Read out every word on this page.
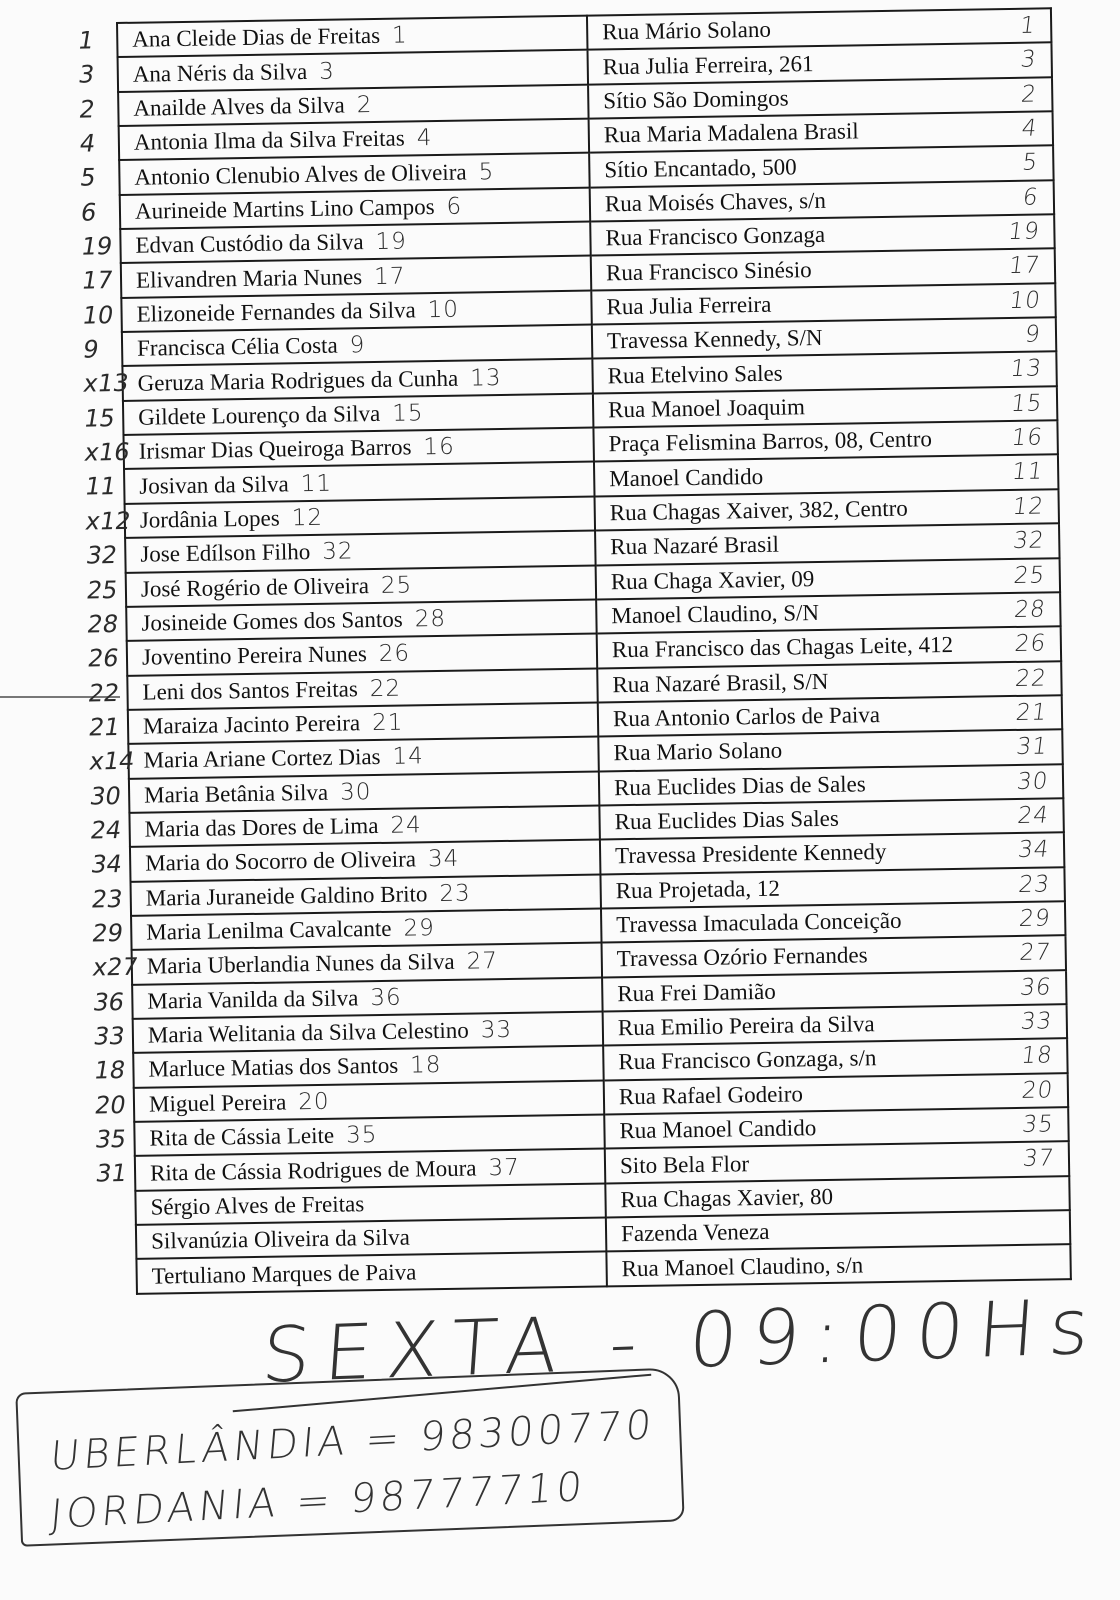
1 Ana Cleide Dias de Freitas 1	Rua Mário Solano 1

3 Ana Néris da Silva 3	Rua Julia Ferreira, 261 3

2 Anailde Alves da Silva 2	Sítio São Domingos 2

4 Antonia Ilma da Silva Freitas 4	Rua Maria Madalena Brasil 4

5 Antonio Clenubio Alves de Oliveira 5	Sítio Encantado, 500 5

6 Aurineide Martins Lino Campos 6	Rua Moisés Chaves, s/n 6

19 Edvan Custódio da Silva 19	Rua Francisco Gonzaga 19

17 Elivandren Maria Nunes 17	Rua Francisco Sinésio 17

10 Elizoneide Fernandes da Silva 10	Rua Julia Ferreira 10

9 Francisca Célia Costa 9	Travessa Kennedy, S/N 9

x13 Geruza Maria Rodrigues da Cunha 13	Rua Etelvino Sales 13

15 Gildete Lourenço da Silva 15	Rua Manoel Joaquim 15

x16 Irismar Dias Queiroga Barros 16	Praça Felismina Barros, 08, Centro 16

11 Josivan da Silva 11	Manoel Candido 11

x12 Jordânia Lopes 12	Rua Chagas Xaiver, 382, Centro 12

32 Jose Edílson Filho 32	Rua Nazaré Brasil 32

25 José Rogério de Oliveira 25	Rua Chaga Xavier, 09 25

28 Josineide Gomes dos Santos 28	Manoel Claudino, S/N 28

26 Joventino Pereira Nunes 26	Rua Francisco das Chagas Leite, 412 26

22 Leni dos Santos Freitas 22	Rua Nazaré Brasil, S/N 22

21 Maraiza Jacinto Pereira 21	Rua Antonio Carlos de Paiva 21

x14 Maria Ariane Cortez Dias 14	Rua Mario Solano 31

30 Maria Betânia Silva 30	Rua Euclides Dias de Sales 30

24 Maria das Dores de Lima 24	Rua Euclides Dias Sales 24

34 Maria do Socorro de Oliveira 34	Travessa Presidente Kennedy 34

23 Maria Juraneide Galdino Brito 23	Rua Projetada, 12 23

29 Maria Lenilma Cavalcante 29	Travessa Imaculada Conceição 29

x27 Maria Uberlandia Nunes da Silva 27	Travessa Ozório Fernandes 27

36 Maria Vanilda da Silva 36	Rua Frei Damião 36

33 Maria Welitania da Silva Celestino 33	Rua Emilio Pereira da Silva 33

18 Marluce Matias dos Santos 18	Rua Francisco Gonzaga, s/n 18

20 Miguel Pereira 20	Rua Rafael Godeiro 20

35 Rita de Cássia Leite 35	Rua Manoel Candido 35

31 Rita de Cássia Rodrigues de Moura 37	Sito Bela Flor 37

Sérgio Alves de Freitas	Rua Chagas Xavier, 80

Silvanúzia Oliveira da Silva	Fazenda Veneza

Tertuliano Marques de Paiva	Rua Manoel Claudino, s/n
SEXTA - 09:00Hs
UBERLÂNDIA = 98300770
JORDANIA = 98777710
